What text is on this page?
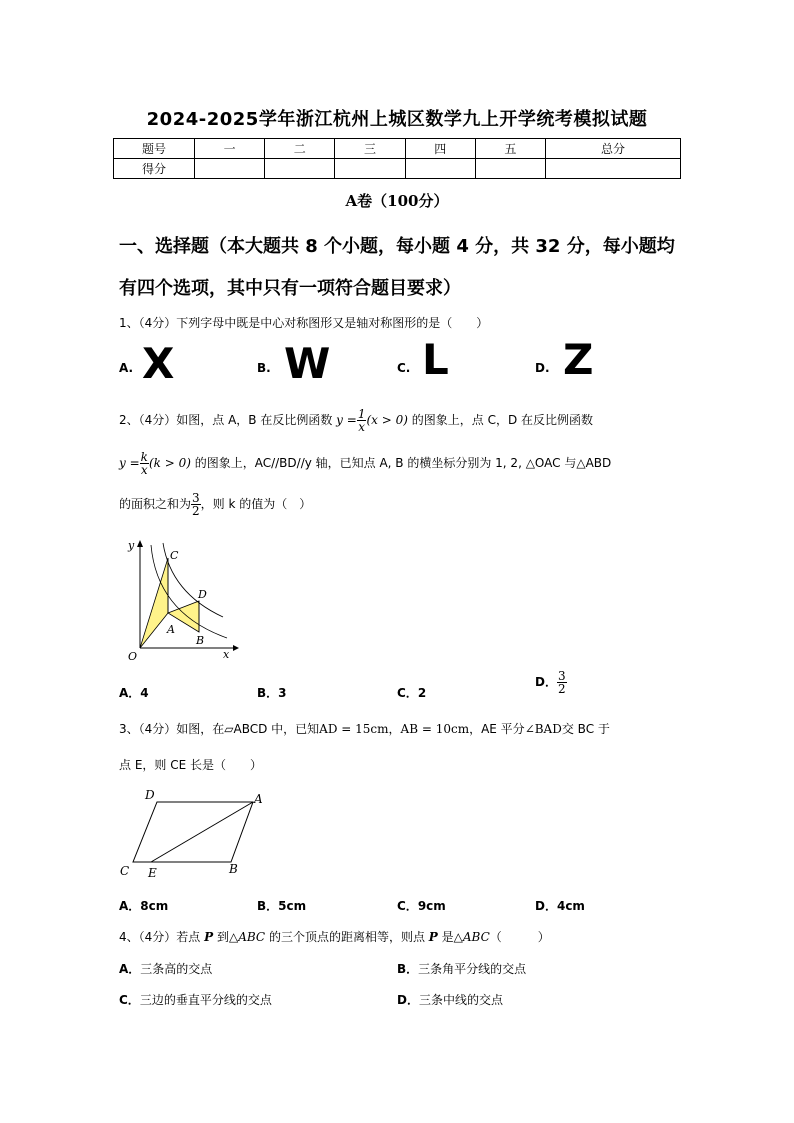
2024-2025学年浙江杭州上城区数学九上开学统考模拟试题
题号	一	二	三	四	五	总分
得分						
A卷（100分）
一、选择题（本大题共 8 个小题，每小题 4 分，共 32 分，每小题均
有四个选项，其中只有一项符合题目要求）
1、（4分）下列字母中既是中心对称图形又是轴对称图形的是（　　）
A. X	B. W	C. L	D. Z
2、（4分）如图，点 A，B 在反比例函数 $y = \frac{1}{x} (x > 0)$ 的图象上，点 C，D 在反比例函数
$y = \frac{k}{x} (k > 0)$ 的图象上，AC//BD//y 轴，已知点 A, B 的横坐标分别为 1, 2, △OAC 与△ABD
的面积之和为 $\frac{3}{2}$ ，则 k 的值为（　）
y
C
D
A
B
O	x
A．4	B．3	C．2
D． $\frac{3}{2}$
3、（4分）如图，在▱ABCD 中，已知AD = 15cm，AB = 10cm，AE 平分∠BAD交 BC 于
点 E，则 CE 长是（　　）
D	A
C E	B
A．8cm	B．5cm	C．9cm	D．4cm
4、（4分）若点 P 到△ABC 的三个顶点的距离相等，则点 P 是△ABC（　　　）
A．三条高的交点	B．三条角平分线的交点
C．三边的垂直平分线的交点	D．三条中线的交点
